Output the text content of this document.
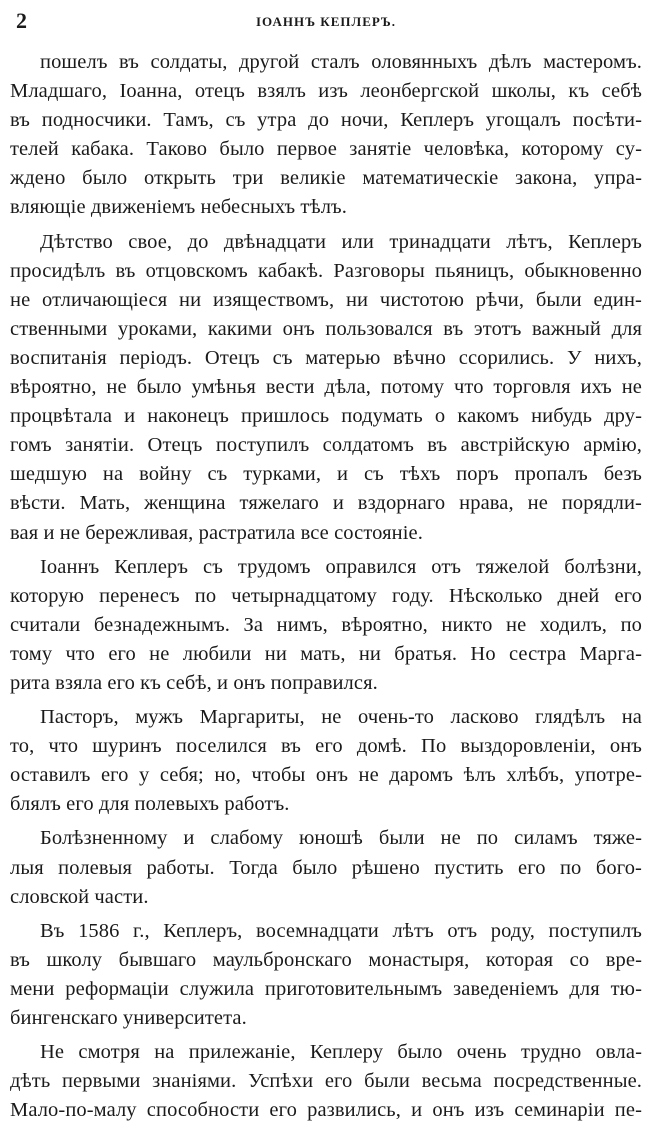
2	IОАННЪ КЕПЛЕРЪ.
пошелъ въ солдаты, другой сталъ оловянныхъ дѣлъ мастеромъ.
Младшаго, Іоанна, отецъ взялъ изъ леонбергской школы, къ себѣ
въ подносчики. Тамъ, съ утра до ночи, Кеплеръ угощалъ посѣти-
телей кабака. Таково было первое занятіе человѣка, которому су-
ждено было открыть три великіе математическіе закона, упра-
вляющіе движеніемъ небесныхъ тѣлъ.
Дѣтство свое, до двѣнадцати или тринадцати лѣтъ, Кеплеръ
просидѣлъ въ отцовскомъ кабакѣ. Разговоры пьяницъ, обыкновенно
не отличающіеся ни изяществомъ, ни чистотою рѣчи, были един-
ственными уроками, какими онъ пользовался въ этотъ важный для
воспитанія періодъ. Отецъ съ матерью вѣчно ссорились. У нихъ,
вѣроятно, не было умѣнья вести дѣла, потому что торговля ихъ не
процвѣтала и наконецъ пришлось подумать о какомъ нибудь дру-
гомъ занятіи. Отецъ поступилъ солдатомъ въ австрійскую армію,
шедшую на войну съ турками, и съ тѣхъ поръ пропалъ безъ
вѣсти. Мать, женщина тяжелаго и вздорнаго нрава, не порядли-
вая и не бережливая, растратила все состояніе.
Іоаннъ Кеплеръ съ трудомъ оправился отъ тяжелой болѣзни,
которую перенесъ по четырнадцатому году. Нѣсколько дней его
считали безнадежнымъ. За нимъ, вѣроятно, никто не ходилъ, по
тому что его не любили ни мать, ни братья. Но сестра Марга-
рита взяла его къ себѣ, и онъ поправился.
Пасторъ, мужъ Маргариты, не очень-то ласково глядѣлъ на
то, что шуринъ поселился въ его домѣ. По выздоровленіи, онъ
оставилъ его у себя; но, чтобы онъ не даромъ ѣлъ хлѣбъ, употре-
блялъ его для полевыхъ работъ.
Болѣзненному и слабому юношѣ были не по силамъ тяже-
лыя полевыя работы. Тогда было рѣшено пустить его по бого-
словской части.
Въ 1586 г., Кеплеръ, восемнадцати лѣтъ отъ роду, поступилъ
въ школу бывшаго маульбронскаго монастыря, которая со вре-
мени реформаціи служила приготовительнымъ заведеніемъ для тю-
бингенскаго университета.
Не смотря на прилежаніе, Кеплеру было очень трудно овла-
дѣть первыми знаніями. Успѣхи его были весьма посредственные.
Мало-по-малу способности его развились, и онъ изъ семинаріи пе-
